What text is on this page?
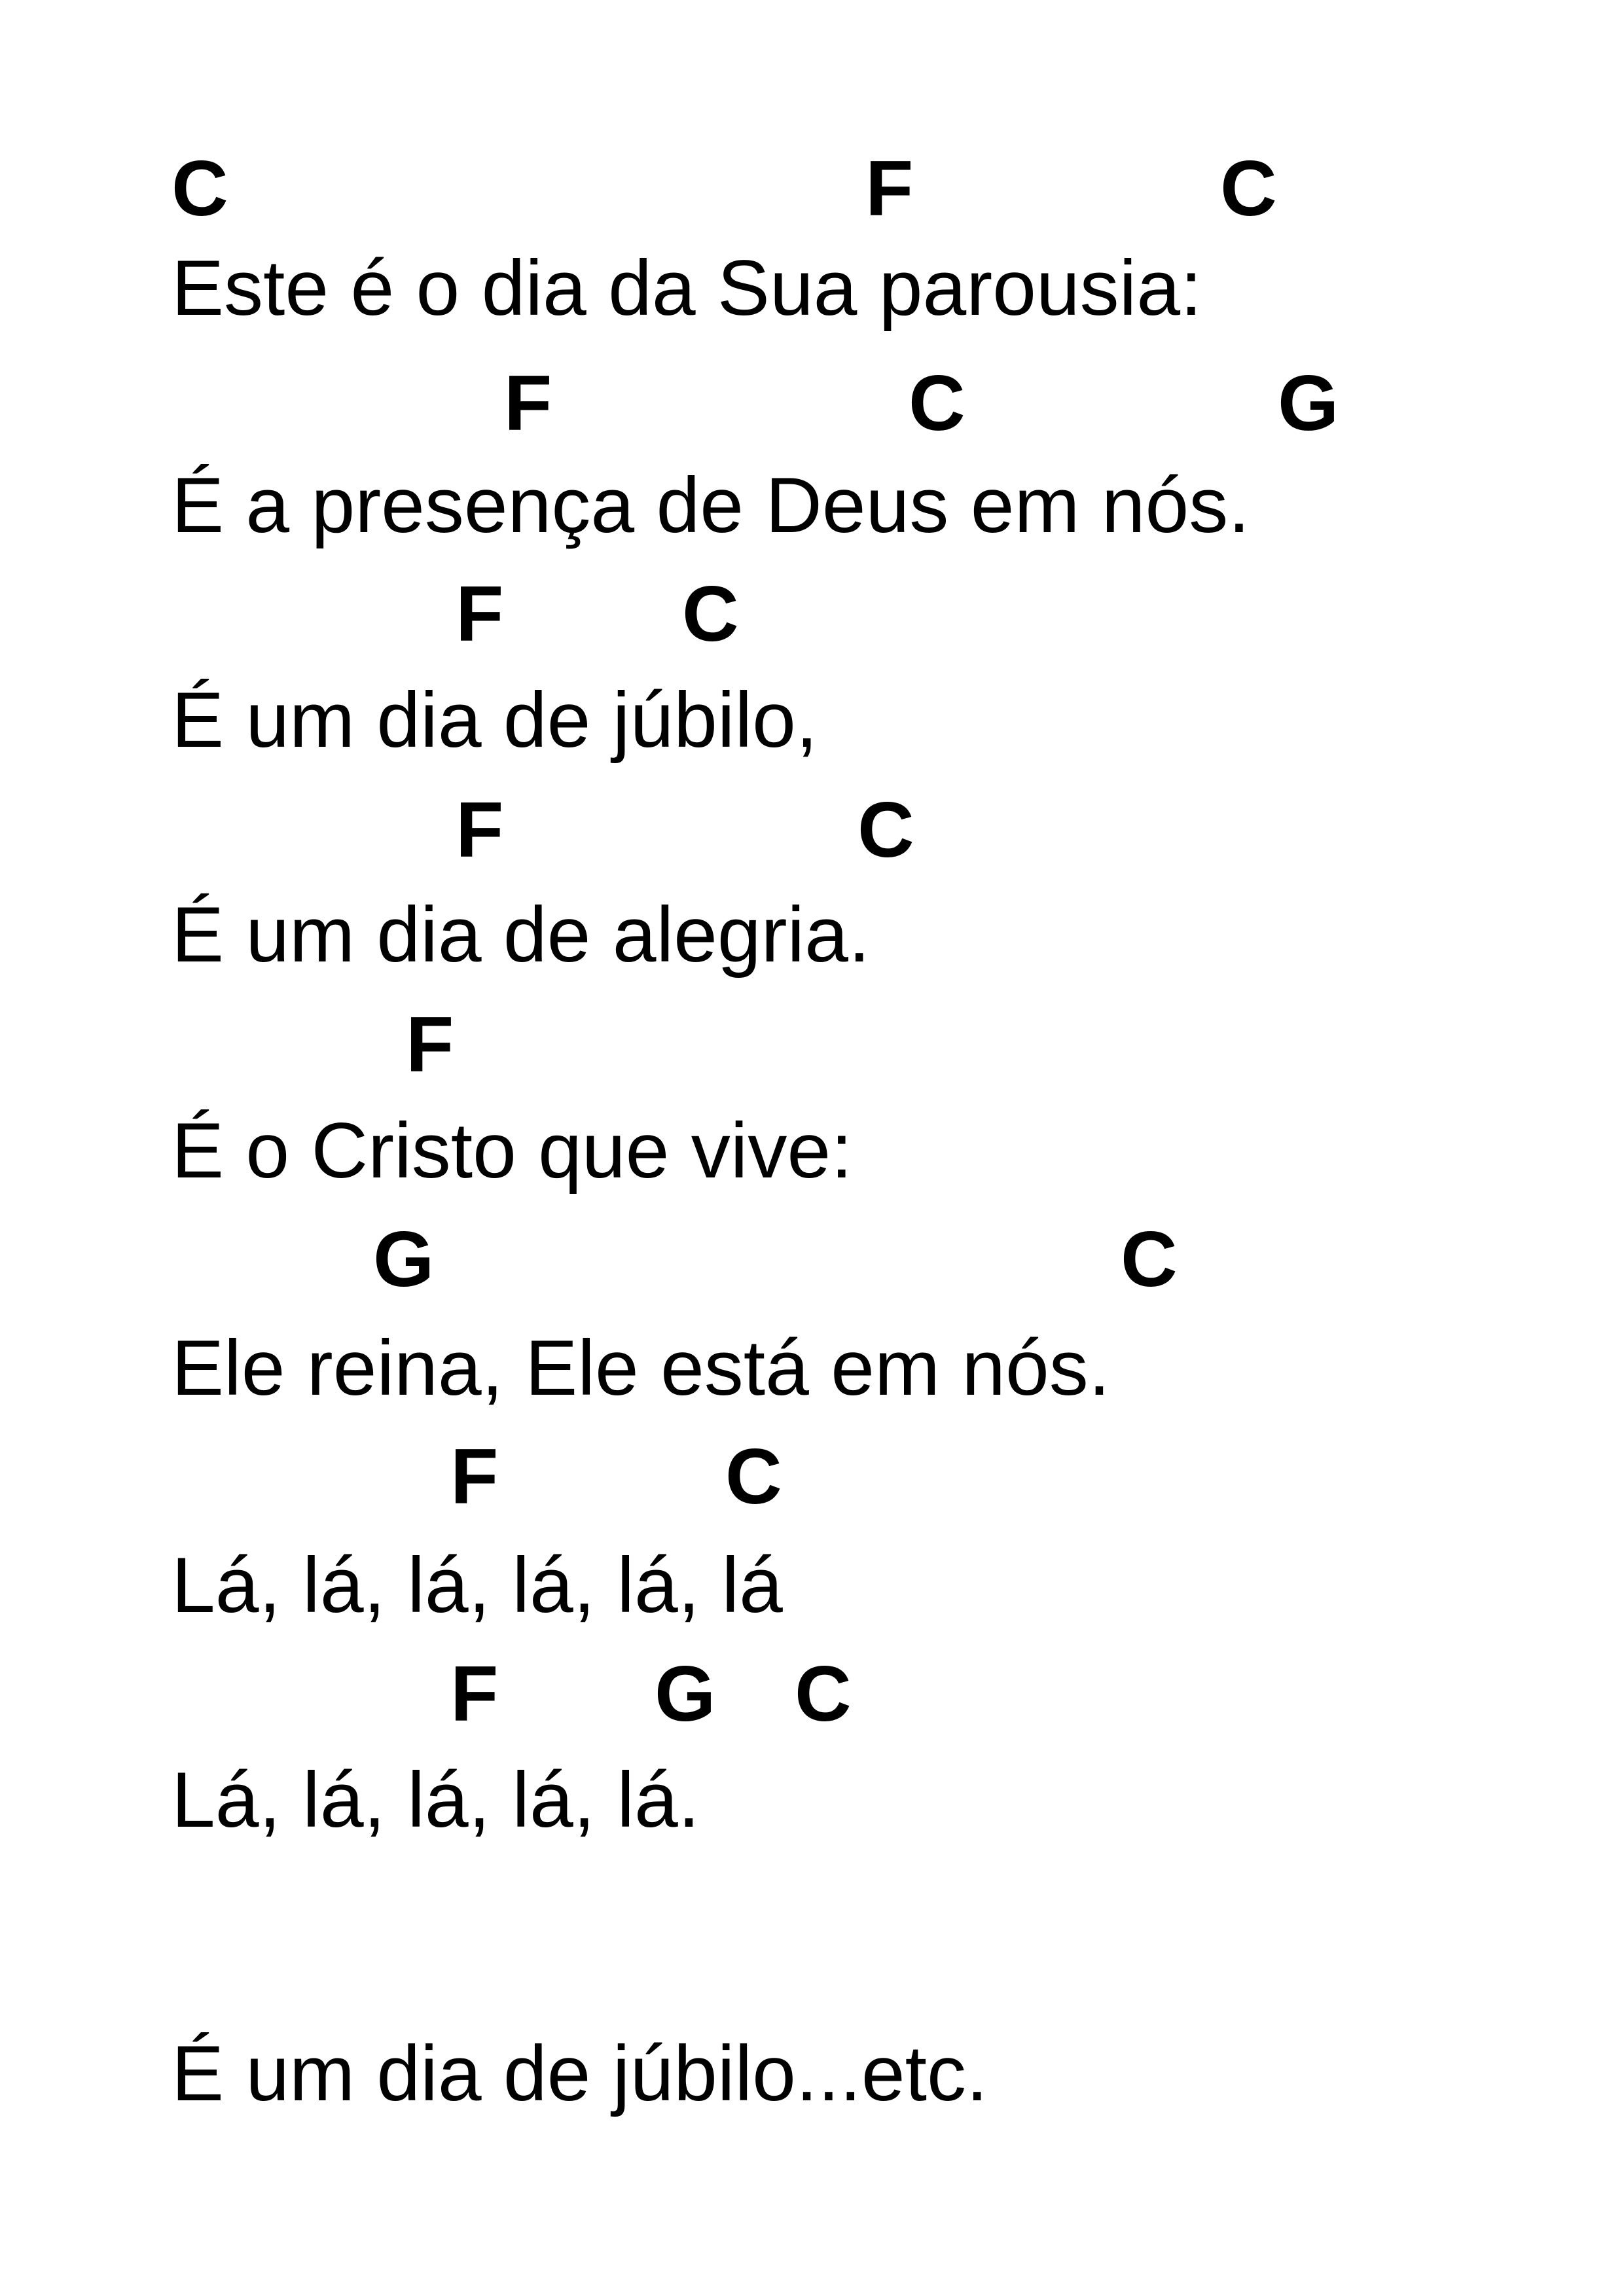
C	F	C
Este é o dia da Sua parousia:
F	C	G
É a presença de Deus em nós.
F C
É um dia de júbilo,
F	C
É um dia de alegria.
F
É o Cristo que vive:
G	C
Ele reina, Ele está em nós.
F	C
Lá, lá, lá, lá, lá, lá
F G C
Lá, lá, lá, lá, lá.
É um dia de júbilo...etc.
